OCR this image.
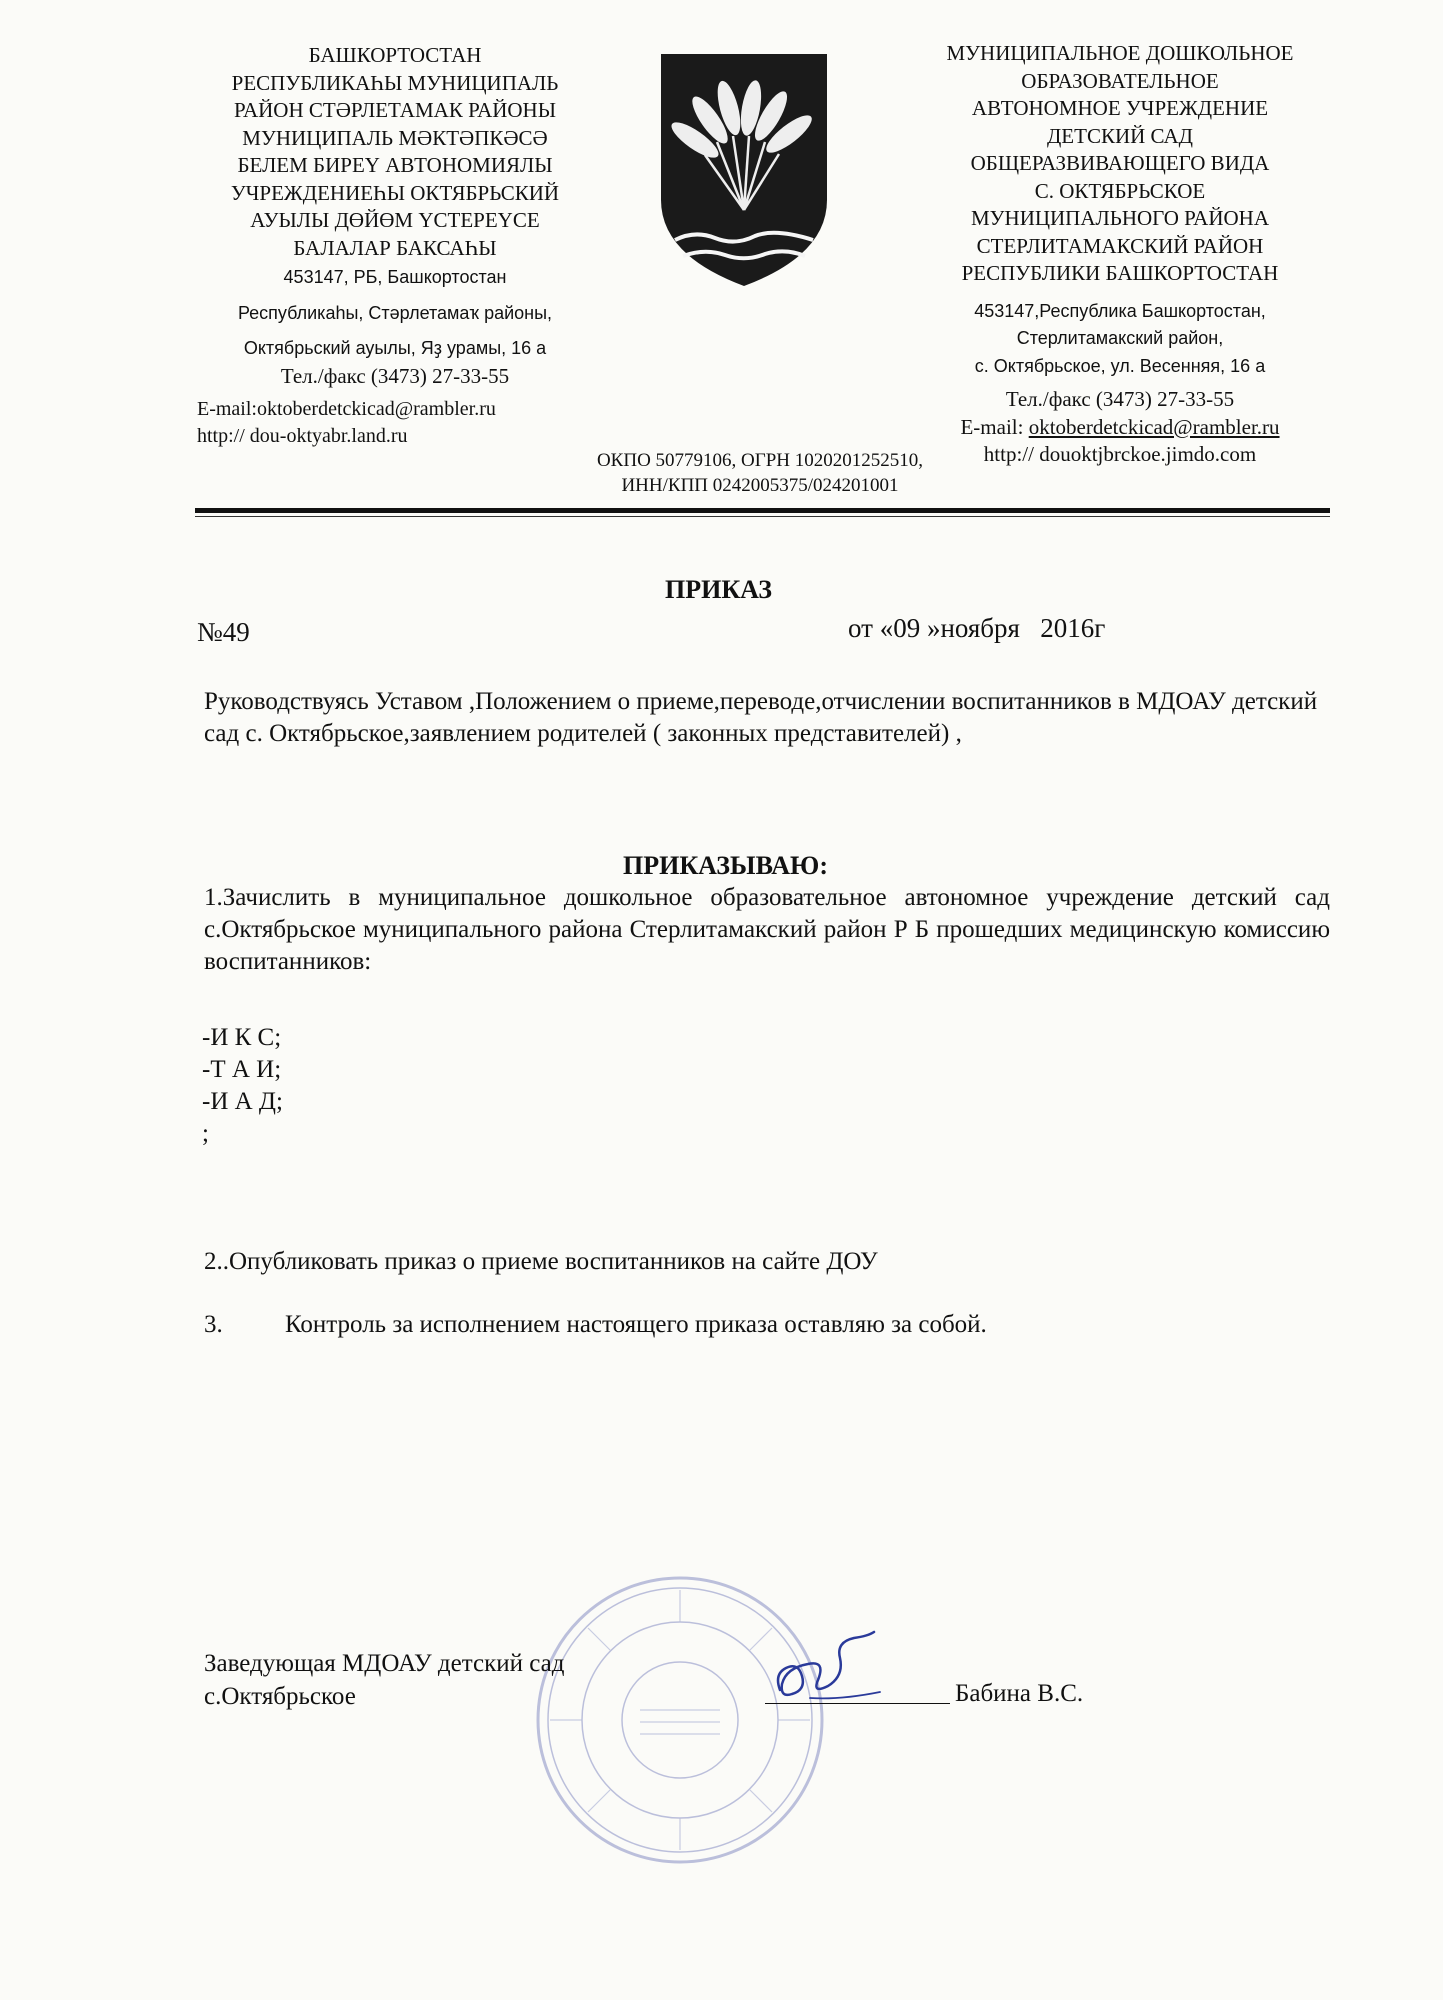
БАШКОРТОСТАН
РЕСПУБЛИКАҺЫ МУНИЦИПАЛЬ
РАЙОН СТӘРЛЕТАМАК РАЙОНЫ
МУНИЦИПАЛЬ МӘКТӘПКӘСӘ
БЕЛЕМ БИРЕҮ АВТОНОМИЯЛЫ
УЧРЕЖДЕНИЕҺЫ ОКТЯБРЬСКИЙ
АУЫЛЫ ДӨЙӨМ ҮСТЕРЕҮСЕ
БАЛАЛАР БАКСАҺЫ
453147, РБ, Башкортостан
Республикаһы, Стәрлетамаҡ районы,
Октябрьский ауылы, Яҙ урамы, 16 а
Тел./факс (3473) 27-33-55
E-mail:oktoberdetckicad@rambler.ru
http:// dou-oktyabr.land.ru
МУНИЦИПАЛЬНОЕ ДОШКОЛЬНОЕ
ОБРАЗОВАТЕЛЬНОЕ
АВТОНОМНОЕ УЧРЕЖДЕНИЕ
ДЕТСКИЙ САД
ОБЩЕРАЗВИВАЮЩЕГО ВИДА
С. ОКТЯБРЬСКОЕ
МУНИЦИПАЛЬНОГО РАЙОНА
СТЕРЛИТАМАКСКИЙ РАЙОН
РЕСПУБЛИКИ БАШКОРТОСТАН
453147,Республика Башкортостан,
Стерлитамакский район,
с. Октябрьское, ул. Весенняя, 16 а
Тел./факс (3473) 27-33-55
E-mail: oktoberdetckicad@rambler.ru
http:// douoktjbrckoe.jimdo.com
ОКПО 50779106, ОГРН 1020201252510,
ИНН/КПП 0242005375/024201001
ПРИКАЗ
№49	от «09 »ноября   2016г
Руководствуясь Уставом ,Положением о приеме,переводе,отчислении воспитанников в МДОАУ детский сад с. Октябрьское,заявлением родителей ( законных представителей) ,
ПРИКАЗЫВАЮ:
1.Зачислить в муниципальное дошкольное образовательное автономное учреждение детский сад с.Октябрьское муниципального района Стерлитамакский район Р Б прошедших медицинскую комиссию воспитанников:
-И К С;
-Т А И;
-И А Д;
;
2..Опубликовать приказ о приеме воспитанников на сайте ДОУ
3. Контроль за исполнением настоящего приказа оставляю за собой.
Заведующая МДОАУ детский сад
с.Октябрьское	Бабина В.С.
